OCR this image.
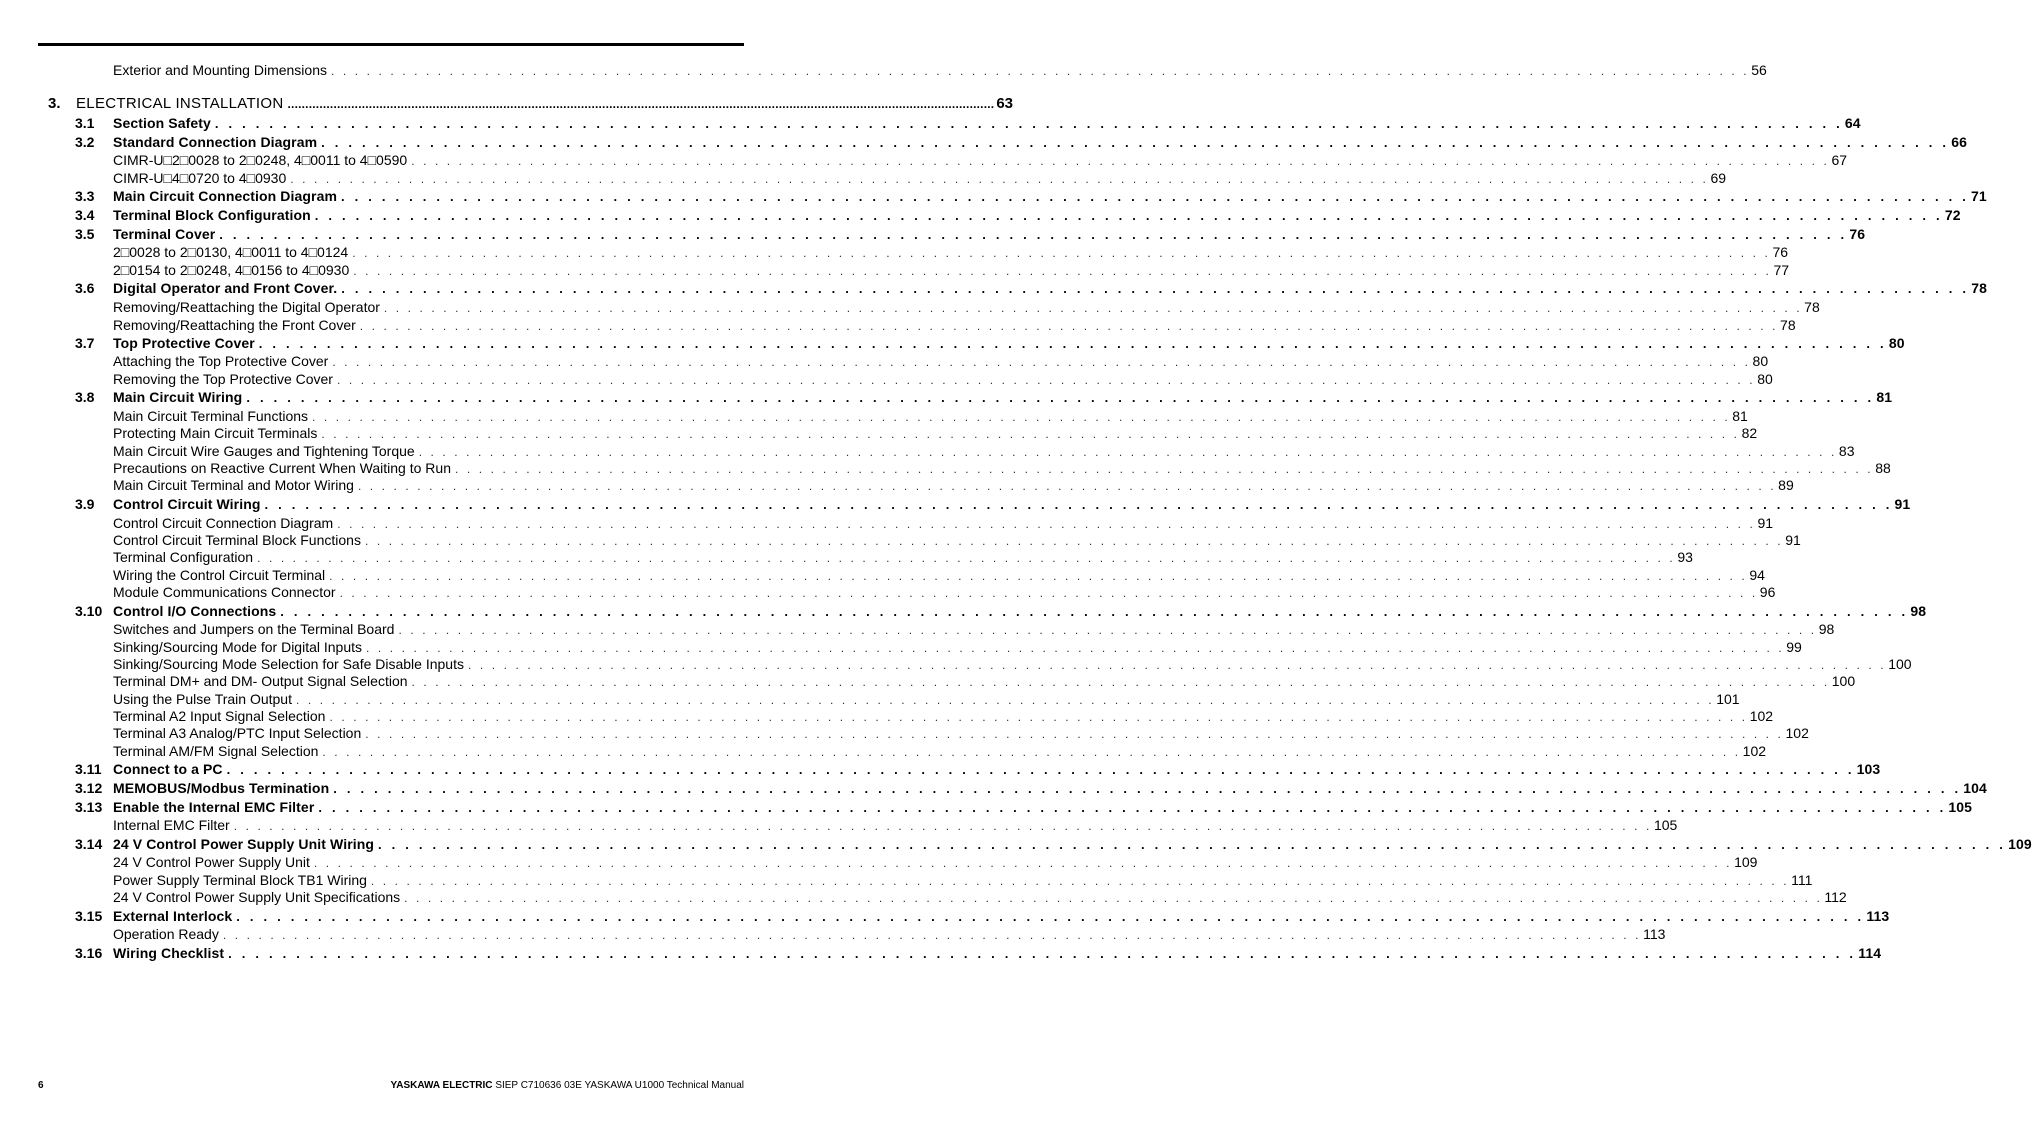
Exterior and Mounting Dimensions . . . . . . . . . . . . . . . . . . . . . . . . . . . . . . . . . . . . . . . . . . . . . . . . . . . . . . . . . . . . . . . . . . . . . . . . . . . . . . . . . . . . . . . . . . . . . . . . . . . . . . . . . . . . . . . . . . . . . . . . 56
3.	ELECTRICAL INSTALLATION ........................................................................................................................................................................................................ 63
3.1	Section Safety . . . . . . . . . . . . . . . . . . . . . . . . . . . . . . . . . . . . . . . . . . . . . . . . . . . . . . . . . . . . . . . . . . . . . . . . . . . . . . . . . . . . . . . . . . . . . . . . . . . . . . . . . . . . . . . . . . . . . . . . 64
3.2	Standard Connection Diagram . . . . . . . . . . . . . . . . . . . . . . . . . . . . . . . . . . . . . . . . . . . . . . . . . . . . . . . . . . . . . . . . . . . . . . . . . . . . . . . . . . . . . . . . . . . . . . . . . . . . . . . . . . . . . . . . . . . . . . . . 66
CIMR-U□2□0028 to 2□0248, 4□0011 to 4□0590 . . . . . . . . . . . . . . . . . . . . . . . . . . . . . . . . . . . . . . . . . . . . . . . . . . . . . . . . . . . . . . . . . . . . . . . . . . . . . . . . . . . . . . . . . . . . . . . . . . . . . . . . . . . . . . . . . . . . . . . . 67
CIMR-U□4□0720 to 4□0930 . . . . . . . . . . . . . . . . . . . . . . . . . . . . . . . . . . . . . . . . . . . . . . . . . . . . . . . . . . . . . . . . . . . . . . . . . . . . . . . . . . . . . . . . . . . . . . . . . . . . . . . . . . . . . . . . . . . . . . . . 69
3.3	Main Circuit Connection Diagram . . . . . . . . . . . . . . . . . . . . . . . . . . . . . . . . . . . . . . . . . . . . . . . . . . . . . . . . . . . . . . . . . . . . . . . . . . . . . . . . . . . . . . . . . . . . . . . . . . . . . . . . . . . . . . . . . . . . . . . . 71
3.4	Terminal Block Configuration . . . . . . . . . . . . . . . . . . . . . . . . . . . . . . . . . . . . . . . . . . . . . . . . . . . . . . . . . . . . . . . . . . . . . . . . . . . . . . . . . . . . . . . . . . . . . . . . . . . . . . . . . . . . . . . . . . . . . . . . 72
3.5	Terminal Cover . . . . . . . . . . . . . . . . . . . . . . . . . . . . . . . . . . . . . . . . . . . . . . . . . . . . . . . . . . . . . . . . . . . . . . . . . . . . . . . . . . . . . . . . . . . . . . . . . . . . . . . . . . . . . . . . . . . . . . . . 76
2□0028 to 2□0130, 4□0011 to 4□0124 . . . . . . . . . . . . . . . . . . . . . . . . . . . . . . . . . . . . . . . . . . . . . . . . . . . . . . . . . . . . . . . . . . . . . . . . . . . . . . . . . . . . . . . . . . . . . . . . . . . . . . . . . . . . . . . . . . . . . . . . 76
2□0154 to 2□0248, 4□0156 to 4□0930 . . . . . . . . . . . . . . . . . . . . . . . . . . . . . . . . . . . . . . . . . . . . . . . . . . . . . . . . . . . . . . . . . . . . . . . . . . . . . . . . . . . . . . . . . . . . . . . . . . . . . . . . . . . . . . . . . . . . . . . . 77
3.6	Digital Operator and Front Cover. . . . . . . . . . . . . . . . . . . . . . . . . . . . . . . . . . . . . . . . . . . . . . . . . . . . . . . . . . . . . . . . . . . . . . . . . . . . . . . . . . . . . . . . . . . . . . . . . . . . . . . . . . . . . . . . . . . . . . . . . 78
Removing/Reattaching the Digital Operator . . . . . . . . . . . . . . . . . . . . . . . . . . . . . . . . . . . . . . . . . . . . . . . . . . . . . . . . . . . . . . . . . . . . . . . . . . . . . . . . . . . . . . . . . . . . . . . . . . . . . . . . . . . . . . . . . . . . . . . . 78
Removing/Reattaching the Front Cover . . . . . . . . . . . . . . . . . . . . . . . . . . . . . . . . . . . . . . . . . . . . . . . . . . . . . . . . . . . . . . . . . . . . . . . . . . . . . . . . . . . . . . . . . . . . . . . . . . . . . . . . . . . . . . . . . . . . . . . . 78
3.7	Top Protective Cover . . . . . . . . . . . . . . . . . . . . . . . . . . . . . . . . . . . . . . . . . . . . . . . . . . . . . . . . . . . . . . . . . . . . . . . . . . . . . . . . . . . . . . . . . . . . . . . . . . . . . . . . . . . . . . . . . . . . . . . . 80
Attaching the Top Protective Cover . . . . . . . . . . . . . . . . . . . . . . . . . . . . . . . . . . . . . . . . . . . . . . . . . . . . . . . . . . . . . . . . . . . . . . . . . . . . . . . . . . . . . . . . . . . . . . . . . . . . . . . . . . . . . . . . . . . . . . . . 80
Removing the Top Protective Cover . . . . . . . . . . . . . . . . . . . . . . . . . . . . . . . . . . . . . . . . . . . . . . . . . . . . . . . . . . . . . . . . . . . . . . . . . . . . . . . . . . . . . . . . . . . . . . . . . . . . . . . . . . . . . . . . . . . . . . . . 80
3.8	Main Circuit Wiring . . . . . . . . . . . . . . . . . . . . . . . . . . . . . . . . . . . . . . . . . . . . . . . . . . . . . . . . . . . . . . . . . . . . . . . . . . . . . . . . . . . . . . . . . . . . . . . . . . . . . . . . . . . . . . . . . . . . . . . . 81
Main Circuit Terminal Functions . . . . . . . . . . . . . . . . . . . . . . . . . . . . . . . . . . . . . . . . . . . . . . . . . . . . . . . . . . . . . . . . . . . . . . . . . . . . . . . . . . . . . . . . . . . . . . . . . . . . . . . . . . . . . . . . . . . . . . . . 81
Protecting Main Circuit Terminals . . . . . . . . . . . . . . . . . . . . . . . . . . . . . . . . . . . . . . . . . . . . . . . . . . . . . . . . . . . . . . . . . . . . . . . . . . . . . . . . . . . . . . . . . . . . . . . . . . . . . . . . . . . . . . . . . . . . . . . . 82
Main Circuit Wire Gauges and Tightening Torque . . . . . . . . . . . . . . . . . . . . . . . . . . . . . . . . . . . . . . . . . . . . . . . . . . . . . . . . . . . . . . . . . . . . . . . . . . . . . . . . . . . . . . . . . . . . . . . . . . . . . . . . . . . . . . . . . . . . . . . . 83
Precautions on Reactive Current When Waiting to Run . . . . . . . . . . . . . . . . . . . . . . . . . . . . . . . . . . . . . . . . . . . . . . . . . . . . . . . . . . . . . . . . . . . . . . . . . . . . . . . . . . . . . . . . . . . . . . . . . . . . . . . . . . . . . . . . . . . . . . . . 88
Main Circuit Terminal and Motor Wiring . . . . . . . . . . . . . . . . . . . . . . . . . . . . . . . . . . . . . . . . . . . . . . . . . . . . . . . . . . . . . . . . . . . . . . . . . . . . . . . . . . . . . . . . . . . . . . . . . . . . . . . . . . . . . . . . . . . . . . . . 89
3.9	Control Circuit Wiring . . . . . . . . . . . . . . . . . . . . . . . . . . . . . . . . . . . . . . . . . . . . . . . . . . . . . . . . . . . . . . . . . . . . . . . . . . . . . . . . . . . . . . . . . . . . . . . . . . . . . . . . . . . . . . . . . . . . . . . . 91
Control Circuit Connection Diagram . . . . . . . . . . . . . . . . . . . . . . . . . . . . . . . . . . . . . . . . . . . . . . . . . . . . . . . . . . . . . . . . . . . . . . . . . . . . . . . . . . . . . . . . . . . . . . . . . . . . . . . . . . . . . . . . . . . . . . . . 91
Control Circuit Terminal Block Functions . . . . . . . . . . . . . . . . . . . . . . . . . . . . . . . . . . . . . . . . . . . . . . . . . . . . . . . . . . . . . . . . . . . . . . . . . . . . . . . . . . . . . . . . . . . . . . . . . . . . . . . . . . . . . . . . . . . . . . . . 91
Terminal Configuration . . . . . . . . . . . . . . . . . . . . . . . . . . . . . . . . . . . . . . . . . . . . . . . . . . . . . . . . . . . . . . . . . . . . . . . . . . . . . . . . . . . . . . . . . . . . . . . . . . . . . . . . . . . . . . . . . . . . . . . . 93
Wiring the Control Circuit Terminal . . . . . . . . . . . . . . . . . . . . . . . . . . . . . . . . . . . . . . . . . . . . . . . . . . . . . . . . . . . . . . . . . . . . . . . . . . . . . . . . . . . . . . . . . . . . . . . . . . . . . . . . . . . . . . . . . . . . . . . . 94
Module Communications Connector . . . . . . . . . . . . . . . . . . . . . . . . . . . . . . . . . . . . . . . . . . . . . . . . . . . . . . . . . . . . . . . . . . . . . . . . . . . . . . . . . . . . . . . . . . . . . . . . . . . . . . . . . . . . . . . . . . . . . . . . 96
3.10 Control I/O Connections . . . . . . . . . . . . . . . . . . . . . . . . . . . . . . . . . . . . . . . . . . . . . . . . . . . . . . . . . . . . . . . . . . . . . . . . . . . . . . . . . . . . . . . . . . . . . . . . . . . . . . . . . . . . . . . . . . . . . . . . 98
Switches and Jumpers on the Terminal Board . . . . . . . . . . . . . . . . . . . . . . . . . . . . . . . . . . . . . . . . . . . . . . . . . . . . . . . . . . . . . . . . . . . . . . . . . . . . . . . . . . . . . . . . . . . . . . . . . . . . . . . . . . . . . . . . . . . . . . . . 98
Sinking/Sourcing Mode for Digital Inputs . . . . . . . . . . . . . . . . . . . . . . . . . . . . . . . . . . . . . . . . . . . . . . . . . . . . . . . . . . . . . . . . . . . . . . . . . . . . . . . . . . . . . . . . . . . . . . . . . . . . . . . . . . . . . . . . . . . . . . . . 99
Sinking/Sourcing Mode Selection for Safe Disable Inputs . . . . . . . . . . . . . . . . . . . . . . . . . . . . . . . . . . . . . . . . . . . . . . . . . . . . . . . . . . . . . . . . . . . . . . . . . . . . . . . . . . . . . . . . . . . . . . . . . . . . . . . . . . . . . . . . . . . . . . . . 100
Terminal DM+ and DM- Output Signal Selection . . . . . . . . . . . . . . . . . . . . . . . . . . . . . . . . . . . . . . . . . . . . . . . . . . . . . . . . . . . . . . . . . . . . . . . . . . . . . . . . . . . . . . . . . . . . . . . . . . . . . . . . . . . . . . . . . . . . . . . . 100
Using the Pulse Train Output . . . . . . . . . . . . . . . . . . . . . . . . . . . . . . . . . . . . . . . . . . . . . . . . . . . . . . . . . . . . . . . . . . . . . . . . . . . . . . . . . . . . . . . . . . . . . . . . . . . . . . . . . . . . . . . . . . . . . . . . 101
Terminal A2 Input Signal Selection . . . . . . . . . . . . . . . . . . . . . . . . . . . . . . . . . . . . . . . . . . . . . . . . . . . . . . . . . . . . . . . . . . . . . . . . . . . . . . . . . . . . . . . . . . . . . . . . . . . . . . . . . . . . . . . . . . . . . . . . 102
Terminal A3 Analog/PTC Input Selection . . . . . . . . . . . . . . . . . . . . . . . . . . . . . . . . . . . . . . . . . . . . . . . . . . . . . . . . . . . . . . . . . . . . . . . . . . . . . . . . . . . . . . . . . . . . . . . . . . . . . . . . . . . . . . . . . . . . . . . . 102
Terminal AM/FM Signal Selection . . . . . . . . . . . . . . . . . . . . . . . . . . . . . . . . . . . . . . . . . . . . . . . . . . . . . . . . . . . . . . . . . . . . . . . . . . . . . . . . . . . . . . . . . . . . . . . . . . . . . . . . . . . . . . . . . . . . . . . . 102
3.11 Connect to a PC . . . . . . . . . . . . . . . . . . . . . . . . . . . . . . . . . . . . . . . . . . . . . . . . . . . . . . . . . . . . . . . . . . . . . . . . . . . . . . . . . . . . . . . . . . . . . . . . . . . . . . . . . . . . . . . . . . . . . . . . 103
3.12 MEMOBUS/Modbus Termination . . . . . . . . . . . . . . . . . . . . . . . . . . . . . . . . . . . . . . . . . . . . . . . . . . . . . . . . . . . . . . . . . . . . . . . . . . . . . . . . . . . . . . . . . . . . . . . . . . . . . . . . . . . . . . . . . . . . . . . . 104
3.13 Enable the Internal EMC Filter . . . . . . . . . . . . . . . . . . . . . . . . . . . . . . . . . . . . . . . . . . . . . . . . . . . . . . . . . . . . . . . . . . . . . . . . . . . . . . . . . . . . . . . . . . . . . . . . . . . . . . . . . . . . . . . . . . . . . . . . 105
Internal EMC Filter . . . . . . . . . . . . . . . . . . . . . . . . . . . . . . . . . . . . . . . . . . . . . . . . . . . . . . . . . . . . . . . . . . . . . . . . . . . . . . . . . . . . . . . . . . . . . . . . . . . . . . . . . . . . . . . . . . . . . . . . 105
3.14 24 V Control Power Supply Unit Wiring . . . . . . . . . . . . . . . . . . . . . . . . . . . . . . . . . . . . . . . . . . . . . . . . . . . . . . . . . . . . . . . . . . . . . . . . . . . . . . . . . . . . . . . . . . . . . . . . . . . . . . . . . . . . . . . . . . . . . . . . 109
24 V Control Power Supply Unit . . . . . . . . . . . . . . . . . . . . . . . . . . . . . . . . . . . . . . . . . . . . . . . . . . . . . . . . . . . . . . . . . . . . . . . . . . . . . . . . . . . . . . . . . . . . . . . . . . . . . . . . . . . . . . . . . . . . . . . . 109
Power Supply Terminal Block TB1 Wiring . . . . . . . . . . . . . . . . . . . . . . . . . . . . . . . . . . . . . . . . . . . . . . . . . . . . . . . . . . . . . . . . . . . . . . . . . . . . . . . . . . . . . . . . . . . . . . . . . . . . . . . . . . . . . . . . . . . . . . . . 111
24 V Control Power Supply Unit Specifications . . . . . . . . . . . . . . . . . . . . . . . . . . . . . . . . . . . . . . . . . . . . . . . . . . . . . . . . . . . . . . . . . . . . . . . . . . . . . . . . . . . . . . . . . . . . . . . . . . . . . . . . . . . . . . . . . . . . . . . . 112
3.15 External Interlock . . . . . . . . . . . . . . . . . . . . . . . . . . . . . . . . . . . . . . . . . . . . . . . . . . . . . . . . . . . . . . . . . . . . . . . . . . . . . . . . . . . . . . . . . . . . . . . . . . . . . . . . . . . . . . . . . . . . . . . . 113
Operation Ready . . . . . . . . . . . . . . . . . . . . . . . . . . . . . . . . . . . . . . . . . . . . . . . . . . . . . . . . . . . . . . . . . . . . . . . . . . . . . . . . . . . . . . . . . . . . . . . . . . . . . . . . . . . . . . . . . . . . . . . . 113
3.16 Wiring Checklist . . . . . . . . . . . . . . . . . . . . . . . . . . . . . . . . . . . . . . . . . . . . . . . . . . . . . . . . . . . . . . . . . . . . . . . . . . . . . . . . . . . . . . . . . . . . . . . . . . . . . . . . . . . . . . . . . . . . . . . . 114
6	YASKAWA ELECTRIC SIEP C710636 03E YASKAWA U1000 Technical Manual
